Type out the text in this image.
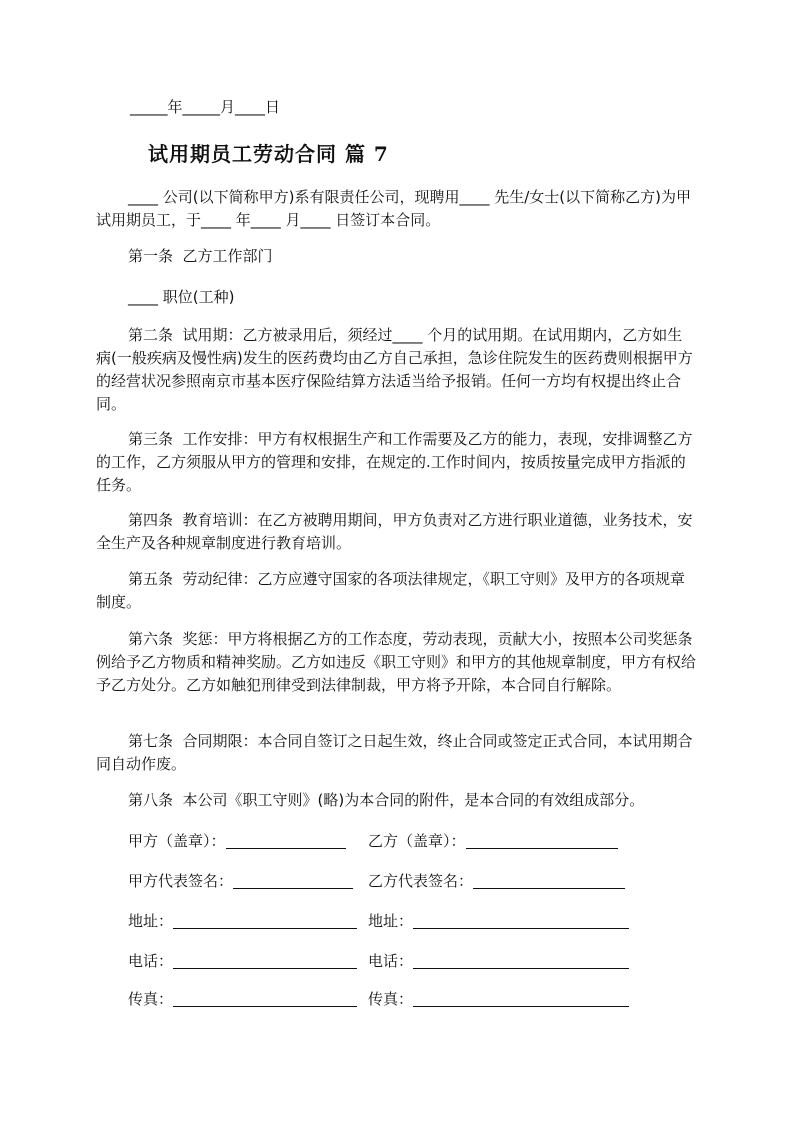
_____年_____月____日
试用期员工劳动合同 篇 7

____ 公司(以下简称甲方)系有限责任公司，现聘用____ 先生/女士(以下简称乙方)为甲试用期员工，于____ 年____ 月____ 日签订本合同。

第一条  乙方工作部门

____ 职位(工种)

第二条  试用期：乙方被录用后，须经过____ 个月的试用期。在试用期内，乙方如生病(一般疾病及慢性病)发生的医药费均由乙方自己承担，急诊住院发生的医药费则根据甲方的经营状况参照南京市基本医疗保险结算方法适当给予报销。任何一方均有权提出终止合同。

第三条  工作安排：甲方有权根据生产和工作需要及乙方的能力，表现，安排调整乙方的工作，乙方须服从甲方的管理和安排，在规定的.工作时间内，按质按量完成甲方指派的任务。

第四条  教育培训：在乙方被聘用期间，甲方负责对乙方进行职业道德，业务技术，安全生产及各种规章制度进行教育培训。

第五条  劳动纪律：乙方应遵守国家的各项法律规定，《职工守则》及甲方的各项规章制度。

第六条  奖惩：甲方将根据乙方的工作态度，劳动表现，贡献大小，按照本公司奖惩条例给予乙方物质和精神奖励。乙方如违反《职工守则》和甲方的其他规章制度，甲方有权给予乙方处分。乙方如触犯刑律受到法律制裁，甲方将予开除，本合同自行解除。

第七条  合同期限：本合同自签订之日起生效，终止合同或签定正式合同，本试用期合同自动作废。

第八条  本公司《职工守则》(略)为本合同的附件，是本合同的有效组成部分。

甲方（盖章）：	乙方（盖章）：
甲方代表签名：	乙方代表签名：
地址：	地址：
电话：	电话：
传真：	传真：
